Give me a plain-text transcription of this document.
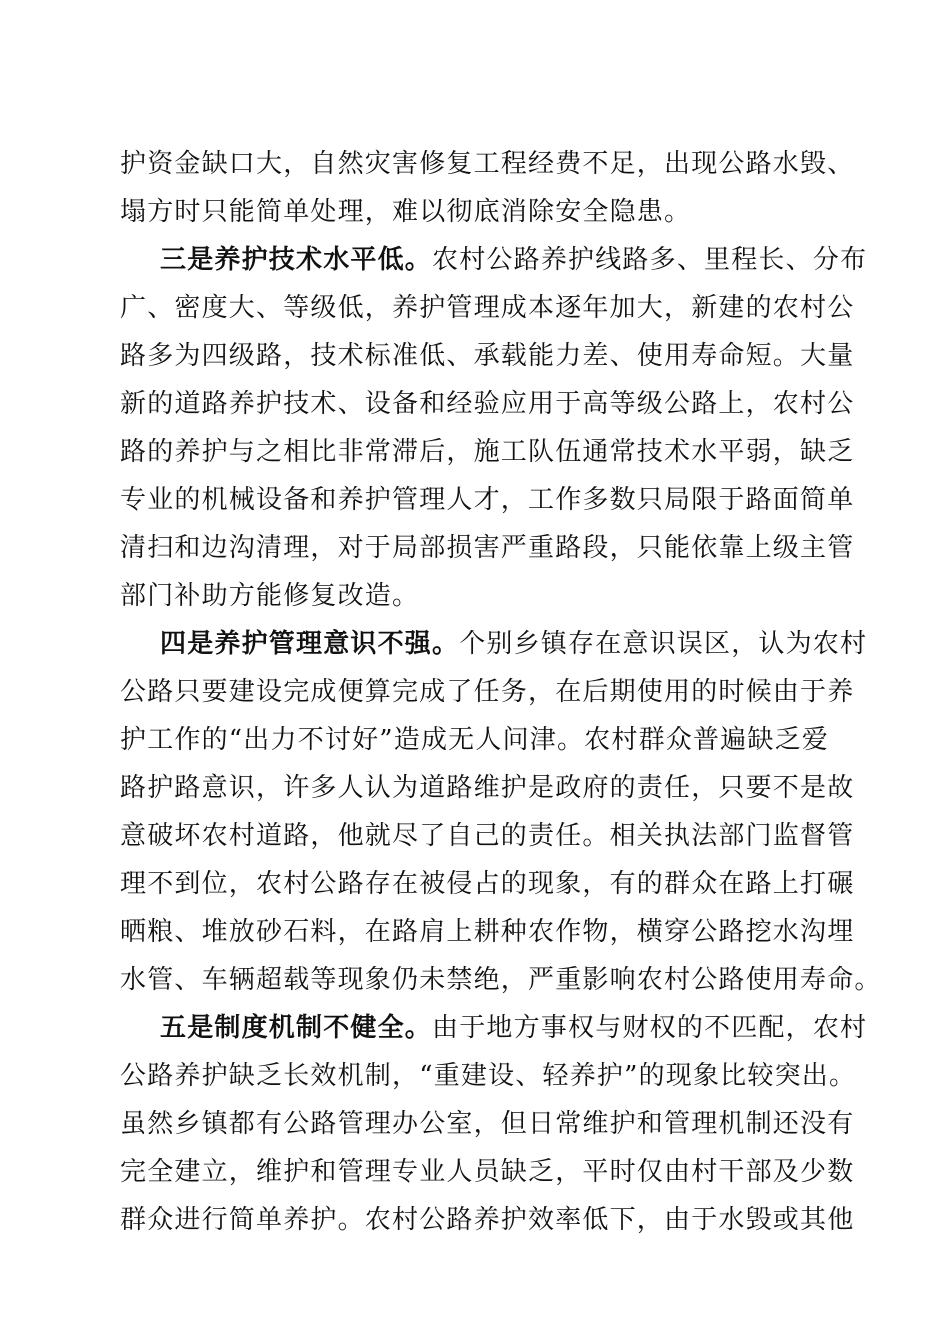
护资金缺口大，自然灾害修复工程经费不足，出现公路水毁、
塌方时只能简单处理，难以彻底消除安全隐患。
三是养护技术水平低。农村公路养护线路多、里程长、分布
广、密度大、等级低，养护管理成本逐年加大，新建的农村公
路多为四级路，技术标准低、承载能力差、使用寿命短。大量
新的道路养护技术、设备和经验应用于高等级公路上，农村公
路的养护与之相比非常滞后，施工队伍通常技术水平弱，缺乏
专业的机械设备和养护管理人才，工作多数只局限于路面简单
清扫和边沟清理，对于局部损害严重路段，只能依靠上级主管
部门补助方能修复改造。
四是养护管理意识不强。个别乡镇存在意识误区，认为农村
公路只要建设完成便算完成了任务，在后期使用的时候由于养
护工作的“出力不讨好”造成无人问津。农村群众普遍缺乏爱
路护路意识，许多人认为道路维护是政府的责任，只要不是故
意破坏农村道路，他就尽了自己的责任。相关执法部门监督管
理不到位，农村公路存在被侵占的现象，有的群众在路上打碾
晒粮、堆放砂石料，在路肩上耕种农作物，横穿公路挖水沟埋
水管、车辆超载等现象仍未禁绝，严重影响农村公路使用寿命。
五是制度机制不健全。由于地方事权与财权的不匹配，农村
公路养护缺乏长效机制，“重建设、轻养护”的现象比较突出。
虽然乡镇都有公路管理办公室，但日常维护和管理机制还没有
完全建立，维护和管理专业人员缺乏，平时仅由村干部及少数
群众进行简单养护。农村公路养护效率低下，由于水毁或其他
